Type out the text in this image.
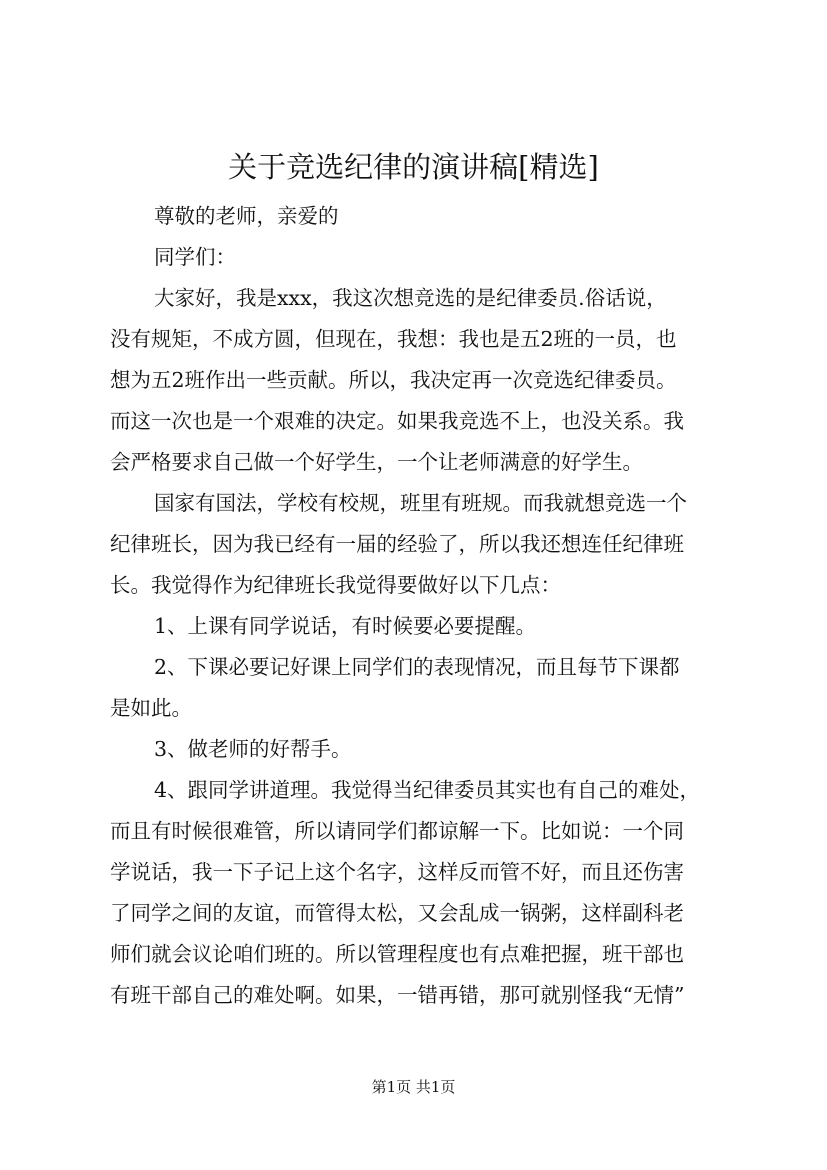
关于竞选纪律的演讲稿[精选]

尊敬的老师，亲爱的

同学们：

大家好，我是xxx，我这次想竞选的是纪律委员.俗话说，

没有规矩，不成方圆，但现在，我想：我也是五2班的一员，也

想为五2班作出一些贡献。所以，我决定再一次竞选纪律委员。

而这一次也是一个艰难的决定。如果我竞选不上，也没关系。我

会严格要求自己做一个好学生，一个让老师满意的好学生。

国家有国法，学校有校规，班里有班规。而我就想竞选一个

纪律班长，因为我已经有一届的经验了，所以我还想连任纪律班

长。我觉得作为纪律班长我觉得要做好以下几点：

1、上课有同学说话，有时候要必要提醒。

2、下课必要记好课上同学们的表现情况，而且每节下课都

是如此。

3、做老师的好帮手。

4、跟同学讲道理。我觉得当纪律委员其实也有自己的难处，

而且有时候很难管，所以请同学们都谅解一下。比如说：一个同

学说话，我一下子记上这个名字，这样反而管不好，而且还伤害

了同学之间的友谊，而管得太松，又会乱成一锅粥，这样副科老

师们就会议论咱们班的。所以管理程度也有点难把握，班干部也

有班干部自己的难处啊。如果，一错再错，那可就别怪我“无情”

第1页 共1页
